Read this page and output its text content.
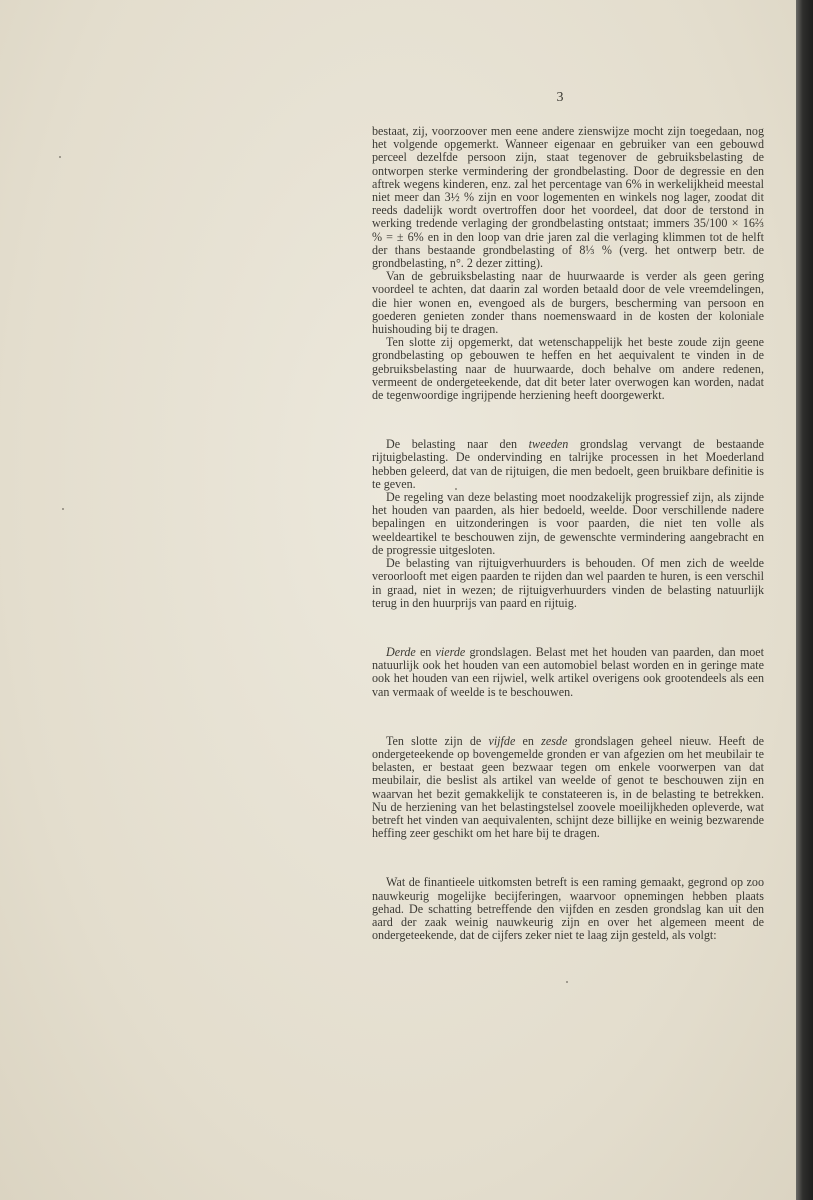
3

bestaat, zij, voorzoover men eene andere zienswijze mocht zijn toegedaan, nog het volgende opgemerkt. Wanneer eigenaar en gebruiker van een gebouwd perceel dezelfde persoon zijn, staat tegenover de gebruiksbelasting de ontworpen sterke vermindering der grondbelasting. Door de degressie en den aftrek wegens kinderen, enz. zal het percentage van 6% in werkelijkheid meestal niet meer dan 3½ % zijn en voor logementen en winkels nog lager, zoodat dit reeds dadelijk wordt overtroffen door het voordeel, dat door de terstond in werking tredende verlaging der grondbelasting ontstaat; immers 35/100 × 16⅔ % = ± 6% en in den loop van drie jaren zal die verlaging klimmen tot de helft der thans bestaande grondbelasting of 8⅓ % (verg. het ontwerp betr. de grondbelasting, n°. 2 dezer zitting).

Van de gebruiksbelasting naar de huurwaarde is verder als geen gering voordeel te achten, dat daarin zal worden betaald door de vele vreemdelingen, die hier wonen en, evengoed als de burgers, bescherming van persoon en goederen genieten zonder thans noemenswaard in de kosten der koloniale huishouding bij te dragen.

Ten slotte zij opgemerkt, dat wetenschappelijk het beste zoude zijn geene grondbelasting op gebouwen te heffen en het aequivalent te vinden in de gebruiksbelasting naar de huurwaarde, doch behalve om andere redenen, vermeent de ondergeteekende, dat dit beter later overwogen kan worden, nadat de tegenwoordige ingrijpende herziening heeft doorgewerkt.

De belasting naar den tweeden grondslag vervangt de bestaande rijtuigbelasting. De ondervinding en talrijke processen in het Moederland hebben geleerd, dat van de rijtuigen, die men bedoelt, geen bruikbare definitie is te geven.

De regeling van deze belasting moet noodzakelijk progressief zijn, als zijnde het houden van paarden, als hier bedoeld, weelde. Door verschillende nadere bepalingen en uitzonderingen is voor paarden, die niet ten volle als weeldeartikel te beschouwen zijn, de gewenschte vermindering aangebracht en de progressie uitgesloten.

De belasting van rijtuigverhuurders is behouden. Of men zich de weelde veroorlooft met eigen paarden te rijden dan wel paarden te huren, is een verschil in graad, niet in wezen; de rijtuigverhuurders vinden de belasting natuurlijk terug in den huurprijs van paard en rijtuig.

Derde en vierde grondslagen. Belast met het houden van paarden, dan moet natuurlijk ook het houden van een automobiel belast worden en in geringe mate ook het houden van een rijwiel, welk artikel overigens ook grootendeels als een van vermaak of weelde is te beschouwen.

Ten slotte zijn de vijfde en zesde grondslagen geheel nieuw. Heeft de ondergeteekende op bovengemelde gronden er van afgezien om het meubilair te belasten, er bestaat geen bezwaar tegen om enkele voorwerpen van dat meubilair, die beslist als artikel van weelde of genot te beschouwen zijn en waarvan het bezit gemakkelijk te constateeren is, in de belasting te betrekken. Nu de herziening van het belastingstelsel zoovele moeilijkheden opleverde, wat betreft het vinden van aequivalenten, schijnt deze billijke en weinig bezwarende heffing zeer geschikt om het hare bij te dragen.

Wat de finantieele uitkomsten betreft is een raming gemaakt, gegrond op zoo nauwkeurig mogelijke becijferingen, waarvoor opnemingen hebben plaats gehad. De schatting betreffende den vijfden en zesden grondslag kan uit den aard der zaak weinig nauwkeurig zijn en over het algemeen meent de ondergeteekende, dat de cijfers zeker niet te laag zijn gesteld, als volgt:
